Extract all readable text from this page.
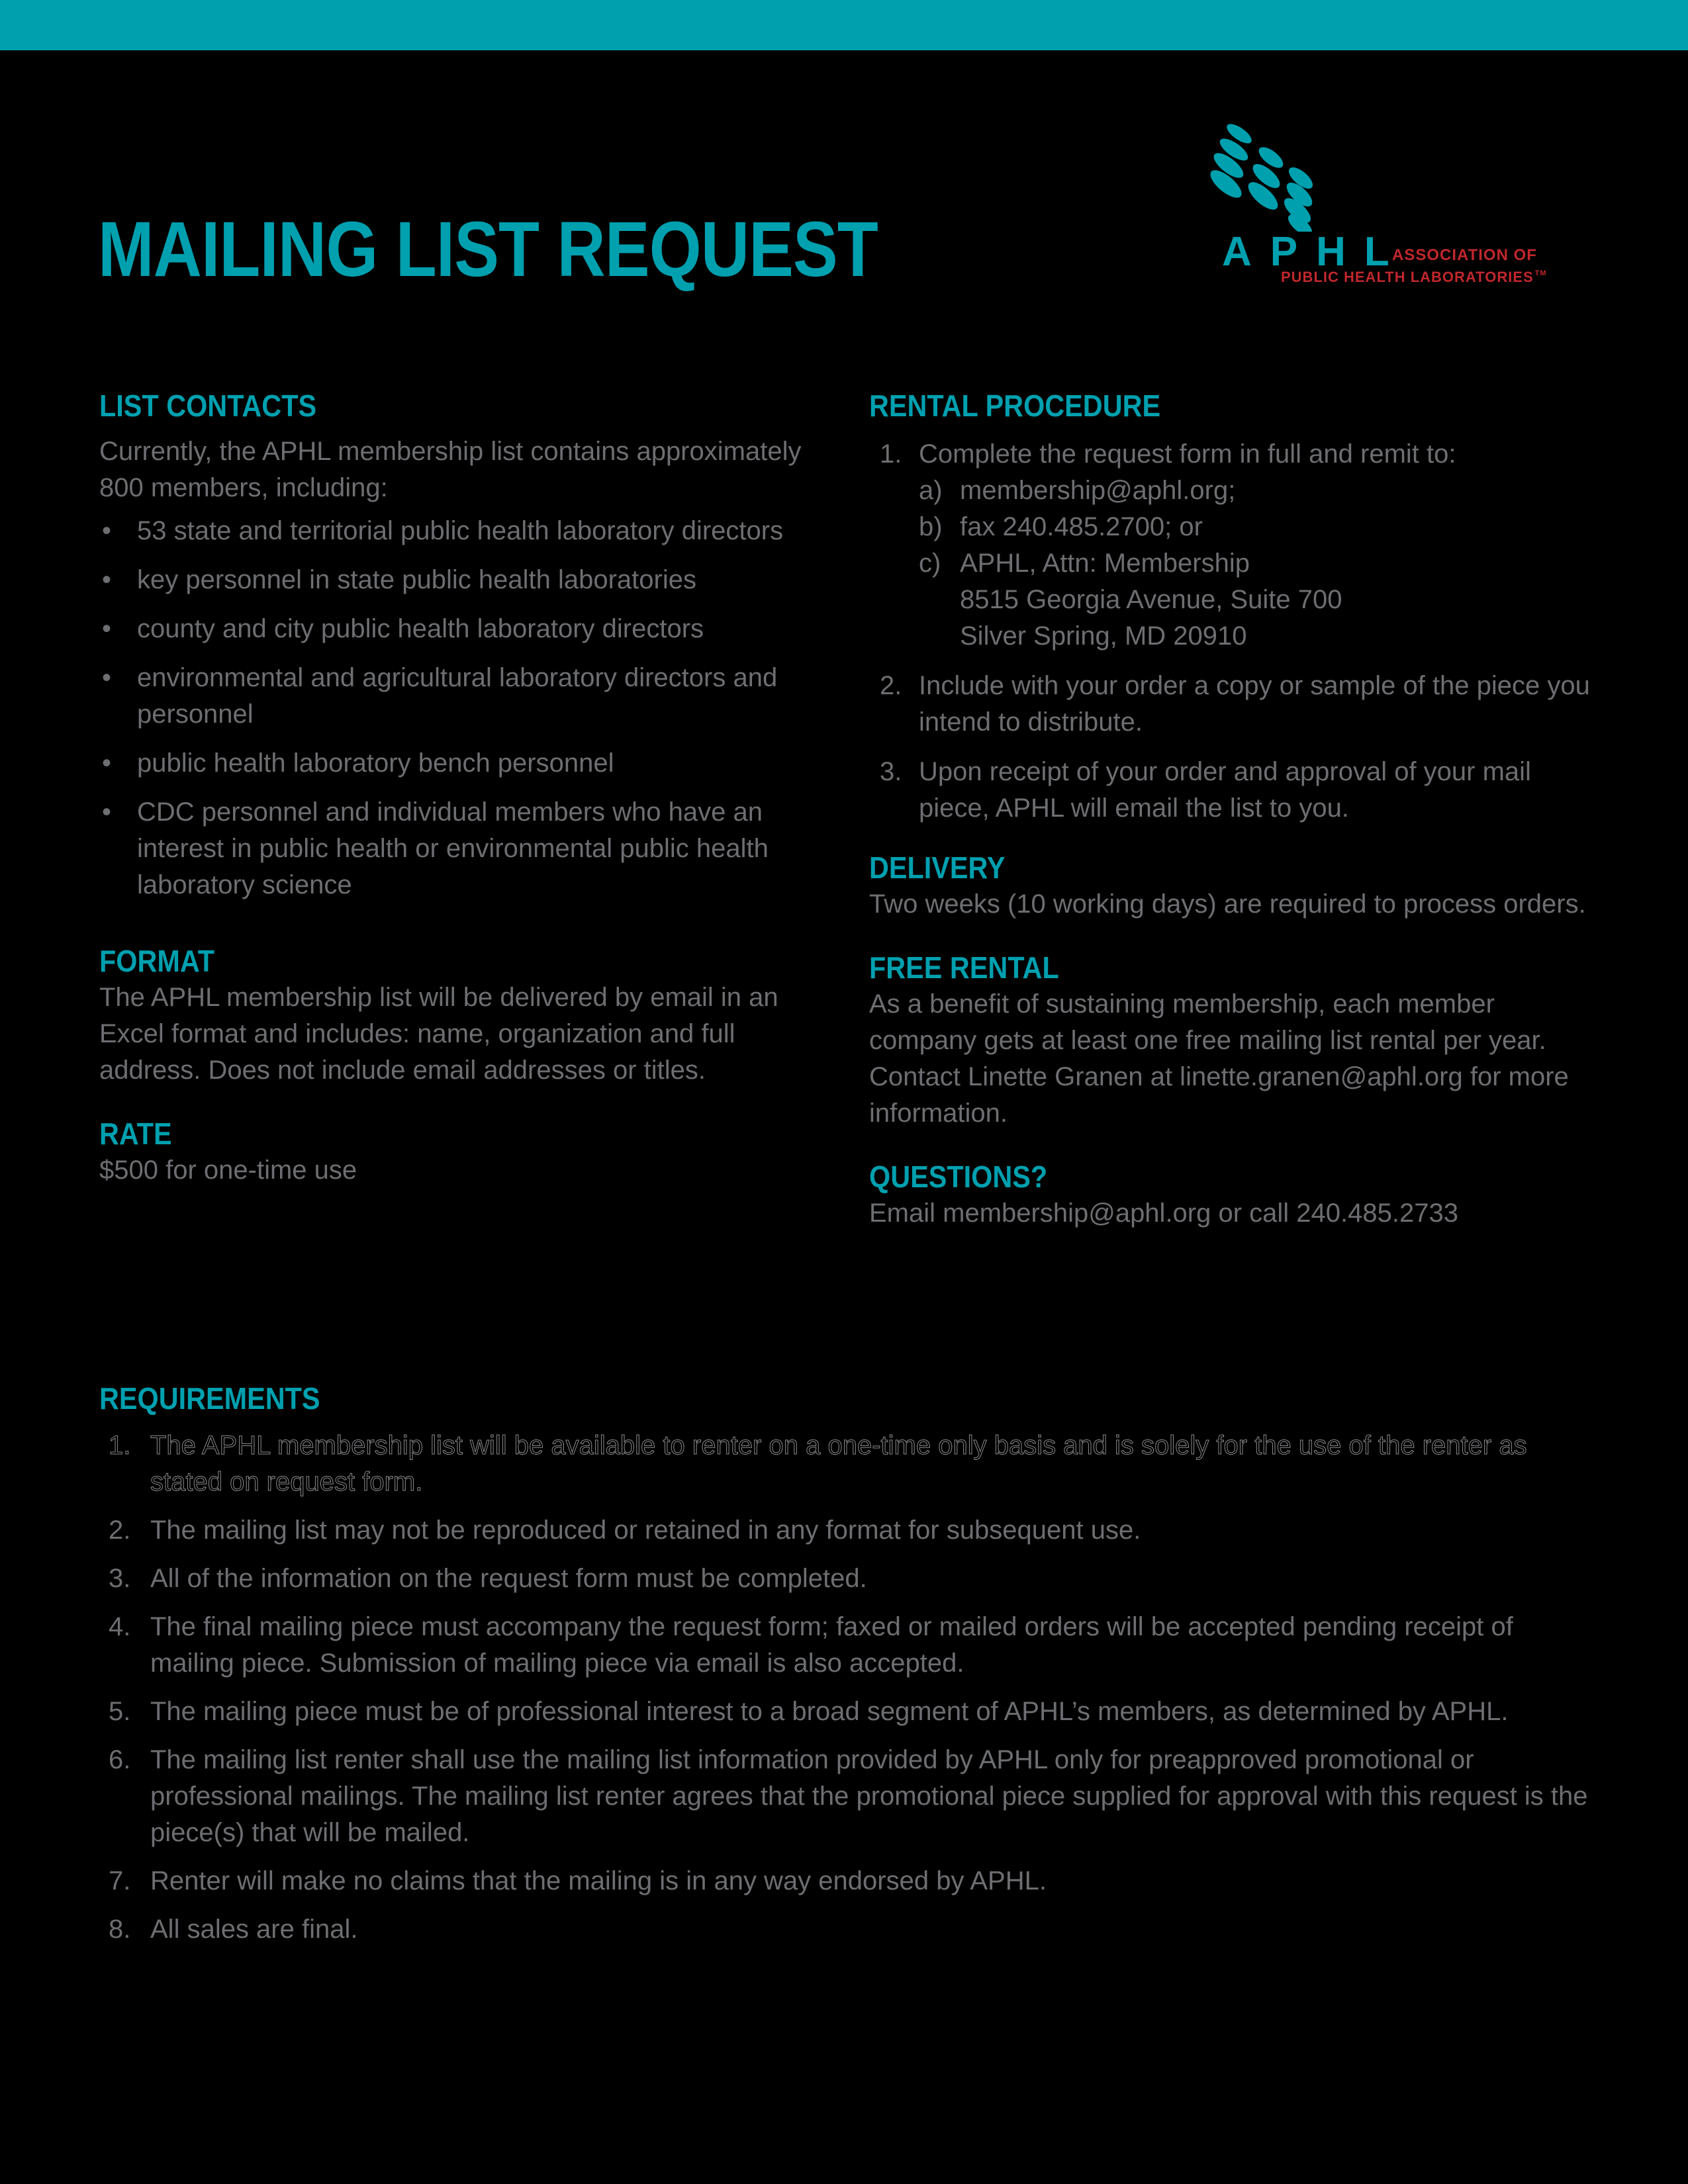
MAILING LIST REQUEST	APHL
ASSOCIATION OF
PUBLIC HEALTH LABORATORIES ™
LIST CONTACTS

Currently, the APHL membership list contains approximately 800 members, including:

• 53 state and territorial public health laboratory directors
• key personnel in state public health laboratories
• county and city public health laboratory directors
• environmental and agricultural laboratory directors and personnel
• public health laboratory bench personnel
• CDC personnel and individual members who have an interest in public health or environmental public health laboratory science
FORMAT

The APHL membership list will be delivered by email in an Excel format and includes: name, organization and full address. Does not include email addresses or titles.

RATE

$500 for one-time use

RENTAL PROCEDURE
1. Complete the request form in full and remit to:
a) membership@aphl.org;
b) fax 240.485.2700; or
c) APHL, Attn: Membership
8515 Georgia Avenue, Suite 700
Silver Spring, MD 20910
2. Include with your order a copy or sample of the piece you intend to distribute.
3. Upon receipt of your order and approval of your mail piece, APHL will email the list to you.
DELIVERY

Two weeks (10 working days) are required to process orders.

FREE RENTAL

As a benefit of sustaining membership, each member company gets at least one free mailing list rental per year. Contact Linette Granen at linette.granen@aphl.org for more information.

QUESTIONS?

Email membership@aphl.org or call 240.485.2733

REQUIREMENTS
1. The APHL membership list will be available to renter on a one-time only basis and is solely for the use of the renter as stated on request form.
2. The mailing list may not be reproduced or retained in any format for subsequent use.
3. All of the information on the request form must be completed.
4. The final mailing piece must accompany the request form; faxed or mailed orders will be accepted pending receipt of mailing piece. Submission of mailing piece via email is also accepted.
5. The mailing piece must be of professional interest to a broad segment of APHL’s members, as determined by APHL.
6. The mailing list renter shall use the mailing list information provided by APHL only for preapproved promotional or professional mailings. The mailing list renter agrees that the promotional piece supplied for approval with this request is the piece(s) that will be mailed.
7. Renter will make no claims that the mailing is in any way endorsed by APHL.
8. All sales are final.
